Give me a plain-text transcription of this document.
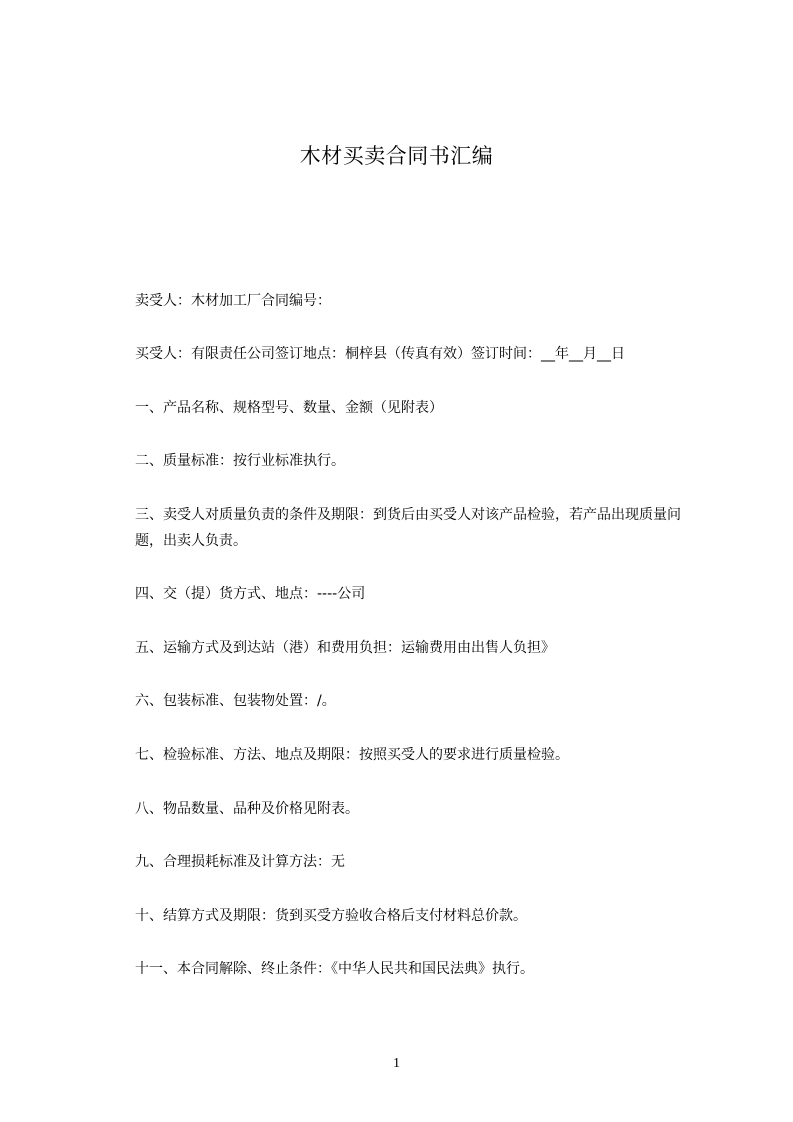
木材买卖合同书汇编

卖受人：木材加工厂合同编号：

买受人：有限责任公司签订地点：桐梓县（传真有效）签订时间：__年__月__日

一、产品名称、规格型号、数量、金额（见附表）

二、质量标准：按行业标准执行。

三、卖受人对质量负责的条件及期限：到货后由买受人对该产品检验，若产品出现质量问题，出卖人负责。

四、交（提）货方式、地点：----公司

五、运输方式及到达站（港）和费用负担：运输费用由出售人负担》

六、包装标准、包装物处置：/。

七、检验标准、方法、地点及期限：按照买受人的要求进行质量检验。

八、物品数量、品种及价格见附表。

九、合理损耗标准及计算方法：无

十、结算方式及期限：货到买受方验收合格后支付材料总价款。

十一、本合同解除、终止条件：《中华人民共和国民法典》执行。

1
